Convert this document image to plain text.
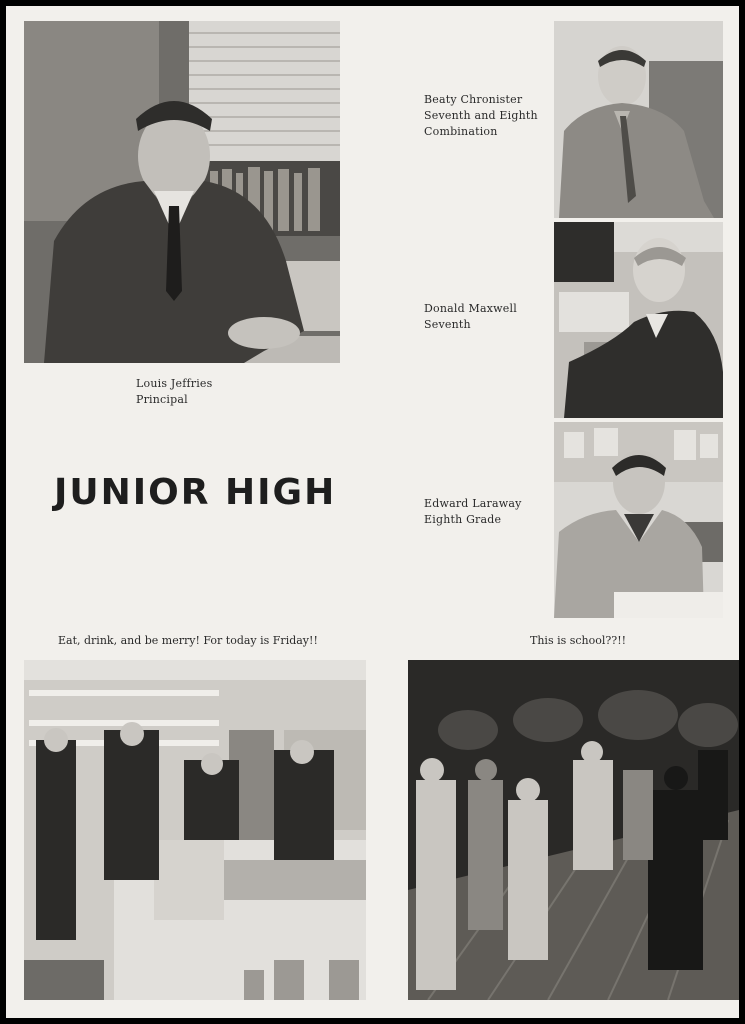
Louis Jeffries
Principal
Beaty Chronister
Seventh and Eighth
Combination
Donald Maxwell
Seventh
Edward Laraway
Eighth Grade
JUNIOR HIGH
Eat, drink, and be merry! For today is Friday!!	This is school??!!
